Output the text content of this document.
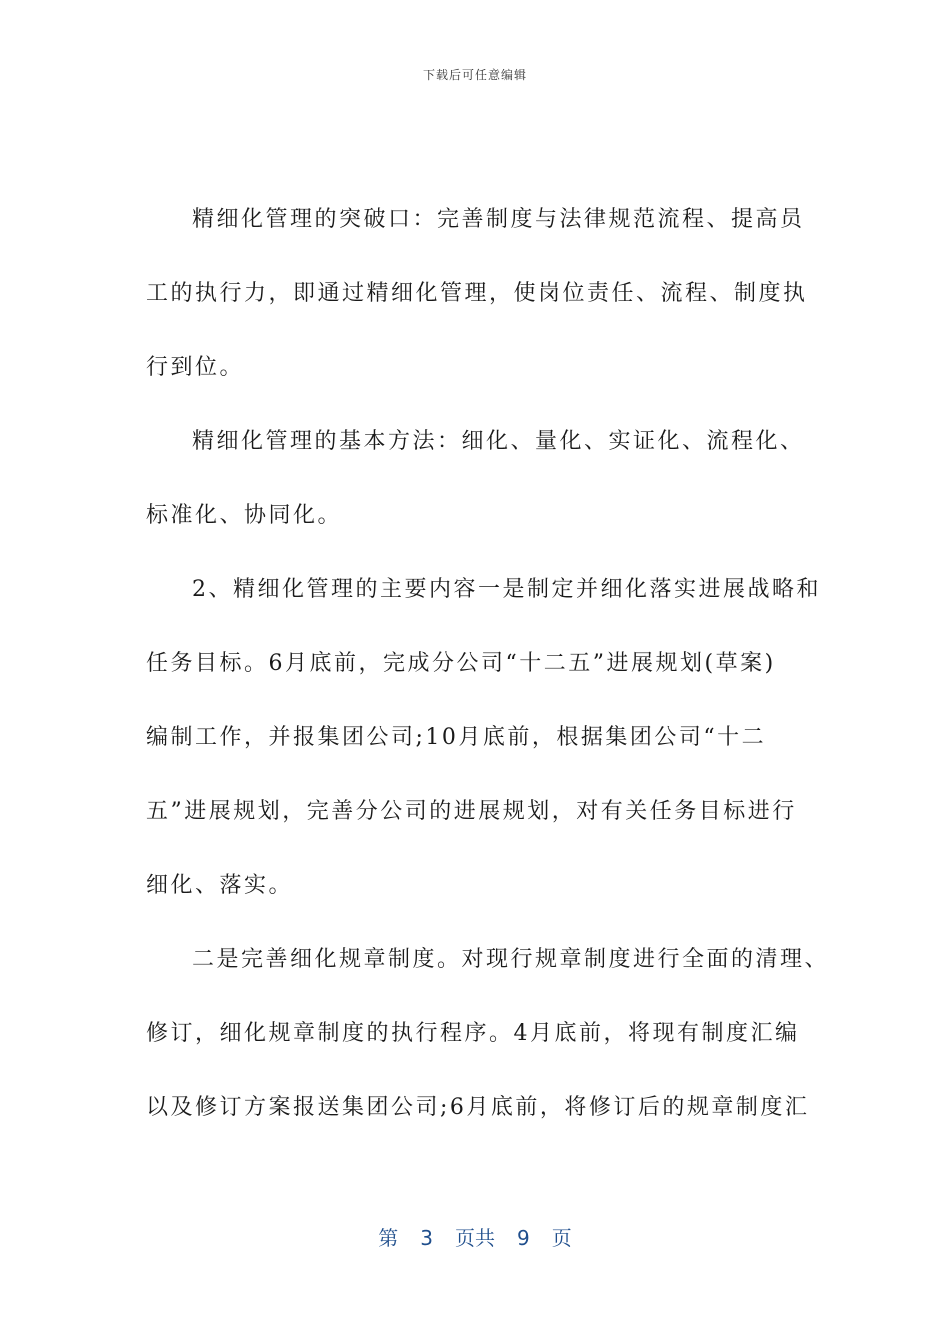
下载后可任意编辑
精细化管理的突破口：完善制度与法律规范流程、提高员
工的执行力，即通过精细化管理，使岗位责任、流程、制度执
行到位。
精细化管理的基本方法：细化、量化、实证化、流程化、
标准化、协同化。
2、精细化管理的主要内容一是制定并细化落实进展战略和
任务目标。6月底前，完成分公司“十二五”进展规划(草案)
编制工作，并报集团公司;10月底前，根据集团公司“十二
五”进展规划，完善分公司的进展规划，对有关任务目标进行
细化、落实。
二是完善细化规章制度。对现行规章制度进行全面的清理、
修订，细化规章制度的执行程序。4月底前，将现有制度汇编
以及修订方案报送集团公司;6月底前，将修订后的规章制度汇
第 3 页共 9 页
